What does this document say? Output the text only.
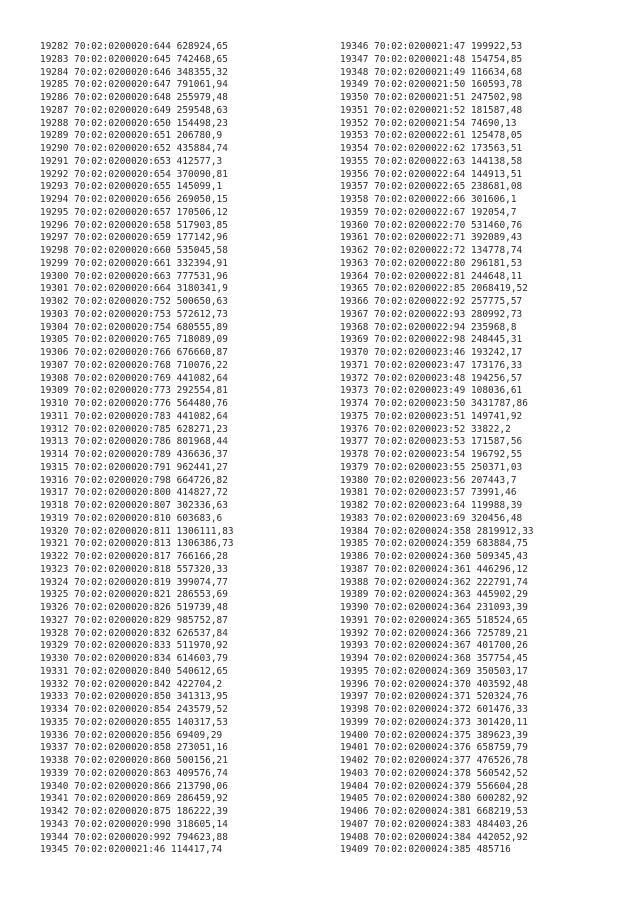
19282 70:02:0200020:644 628924,65
19283 70:02:0200020:645 742468,65
19284 70:02:0200020:646 348355,32
19285 70:02:0200020:647 791061,94
19286 70:02:0200020:648 255979,48
19287 70:02:0200020:649 259548,63
19288 70:02:0200020:650 154498,23
19289 70:02:0200020:651 206780,9
19290 70:02:0200020:652 435884,74
19291 70:02:0200020:653 412577,3
19292 70:02:0200020:654 370090,81
19293 70:02:0200020:655 145099,1
19294 70:02:0200020:656 269050,15
19295 70:02:0200020:657 170506,12
19296 70:02:0200020:658 517903,85
19297 70:02:0200020:659 177142,96
19298 70:02:0200020:660 535045,58
19299 70:02:0200020:661 332394,91
19300 70:02:0200020:663 777531,96
19301 70:02:0200020:664 3180341,9
19302 70:02:0200020:752 500650,63
19303 70:02:0200020:753 572612,73
19304 70:02:0200020:754 680555,89
19305 70:02:0200020:765 718089,09
19306 70:02:0200020:766 676660,87
19307 70:02:0200020:768 710076,22
19308 70:02:0200020:769 441082,64
19309 70:02:0200020:773 292554,81
19310 70:02:0200020:776 564480,76
19311 70:02:0200020:783 441082,64
19312 70:02:0200020:785 628271,23
19313 70:02:0200020:786 801968,44
19314 70:02:0200020:789 436636,37
19315 70:02:0200020:791 962441,27
19316 70:02:0200020:798 664726,82
19317 70:02:0200020:800 414827,72
19318 70:02:0200020:807 302336,63
19319 70:02:0200020:810 603683,6
19320 70:02:0200020:811 1306111,83
19321 70:02:0200020:813 1306386,73
19322 70:02:0200020:817 766166,28
19323 70:02:0200020:818 557320,33
19324 70:02:0200020:819 399074,77
19325 70:02:0200020:821 286553,69
19326 70:02:0200020:826 519739,48
19327 70:02:0200020:829 985752,87
19328 70:02:0200020:832 626537,84
19329 70:02:0200020:833 511970,92
19330 70:02:0200020:834 614603,79
19331 70:02:0200020:840 540612,65
19332 70:02:0200020:842 422704,2
19333 70:02:0200020:850 341313,95
19334 70:02:0200020:854 243579,52
19335 70:02:0200020:855 140317,53
19336 70:02:0200020:856 69409,29
19337 70:02:0200020:858 273051,16
19338 70:02:0200020:860 500156,21
19339 70:02:0200020:863 409576,74
19340 70:02:0200020:866 213790,06
19341 70:02:0200020:869 286459,92
19342 70:02:0200020:875 186222,39
19343 70:02:0200020:990 318605,14
19344 70:02:0200020:992 794623,88
19345 70:02:0200021:46 114417,74
19346 70:02:0200021:47 199922,53
19347 70:02:0200021:48 154754,85
19348 70:02:0200021:49 116634,68
19349 70:02:0200021:50 160593,78
19350 70:02:0200021:51 247502,98
19351 70:02:0200021:52 181587,48
19352 70:02:0200021:54 74690,13
19353 70:02:0200022:61 125478,05
19354 70:02:0200022:62 173563,51
19355 70:02:0200022:63 144138,58
19356 70:02:0200022:64 144913,51
19357 70:02:0200022:65 238681,08
19358 70:02:0200022:66 301606,1
19359 70:02:0200022:67 192054,7
19360 70:02:0200022:70 531460,76
19361 70:02:0200022:71 392089,43
19362 70:02:0200022:72 134778,74
19363 70:02:0200022:80 296181,53
19364 70:02:0200022:81 244648,11
19365 70:02:0200022:85 2068419,52
19366 70:02:0200022:92 257775,57
19367 70:02:0200022:93 280992,73
19368 70:02:0200022:94 235968,8
19369 70:02:0200022:98 248445,31
19370 70:02:0200023:46 193242,17
19371 70:02:0200023:47 173176,33
19372 70:02:0200023:48 194256,57
19373 70:02:0200023:49 108036,61
19374 70:02:0200023:50 3431787,86
19375 70:02:0200023:51 149741,92
19376 70:02:0200023:52 33822,2
19377 70:02:0200023:53 171587,56
19378 70:02:0200023:54 196792,55
19379 70:02:0200023:55 250371,03
19380 70:02:0200023:56 207443,7
19381 70:02:0200023:57 73991,46
19382 70:02:0200023:64 119988,39
19383 70:02:0200023:69 320456,48
19384 70:02:0200024:358 2819912,33
19385 70:02:0200024:359 683884,75
19386 70:02:0200024:360 509345,43
19387 70:02:0200024:361 446296,12
19388 70:02:0200024:362 222791,74
19389 70:02:0200024:363 445902,29
19390 70:02:0200024:364 231093,39
19391 70:02:0200024:365 518524,65
19392 70:02:0200024:366 725789,21
19393 70:02:0200024:367 401700,26
19394 70:02:0200024:368 357754,45
19395 70:02:0200024:369 350503,17
19396 70:02:0200024:370 403592,48
19397 70:02:0200024:371 520324,76
19398 70:02:0200024:372 601476,33
19399 70:02:0200024:373 301420,11
19400 70:02:0200024:375 389623,39
19401 70:02:0200024:376 658759,79
19402 70:02:0200024:377 476526,78
19403 70:02:0200024:378 560542,52
19404 70:02:0200024:379 556604,28
19405 70:02:0200024:380 600282,92
19406 70:02:0200024:381 668219,53
19407 70:02:0200024:383 484403,26
19408 70:02:0200024:384 442052,92
19409 70:02:0200024:385 485716
